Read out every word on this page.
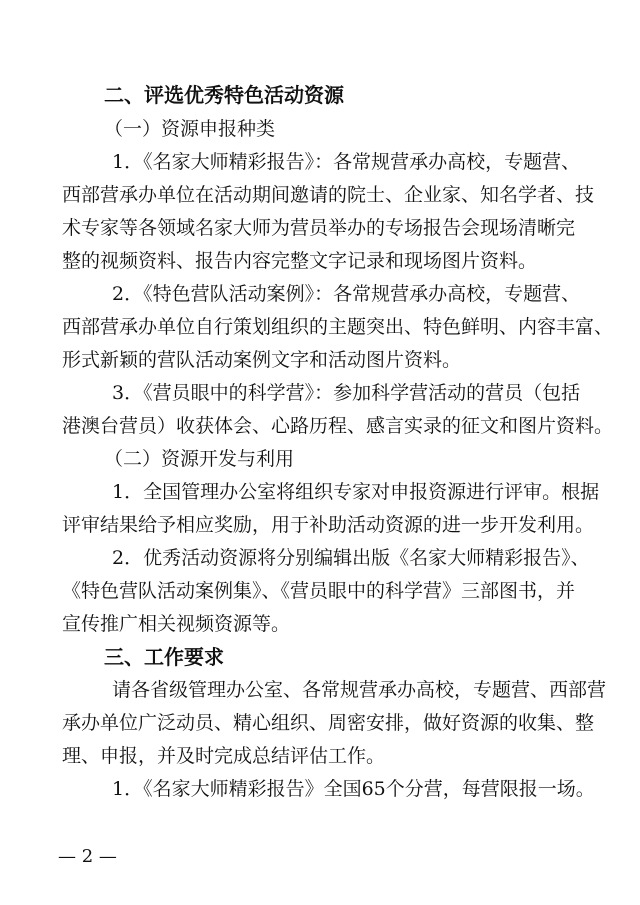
二、评选优秀特色活动资源
（一）资源申报种类
1．《名家大师精彩报告》：各常规营承办高校，专题营、
西部营承办单位在活动期间邀请的院士、企业家、知名学者、技
术专家等各领域名家大师为营员举办的专场报告会现场清晰完
整的视频资料、报告内容完整文字记录和现场图片资料。
2．《特色营队活动案例》：各常规营承办高校，专题营、
西部营承办单位自行策划组织的主题突出、特色鲜明、内容丰富、
形式新颖的营队活动案例文字和活动图片资料。
3．《营员眼中的科学营》：参加科学营活动的营员（包括
港澳台营员）收获体会、心路历程、感言实录的征文和图片资料。
（二）资源开发与利用
1．全国管理办公室将组织专家对申报资源进行评审。根据
评审结果给予相应奖励，用于补助活动资源的进一步开发利用。
2．优秀活动资源将分别编辑出版《名家大师精彩报告》、
《特色营队活动案例集》、《营员眼中的科学营》三部图书，并
宣传推广相关视频资源等。
三、工作要求
请各省级管理办公室、各常规营承办高校，专题营、西部营
承办单位广泛动员、精心组织、周密安排，做好资源的收集、整
理、申报，并及时完成总结评估工作。
1．《名家大师精彩报告》全国65个分营，每营限报一场。
— 2 —
